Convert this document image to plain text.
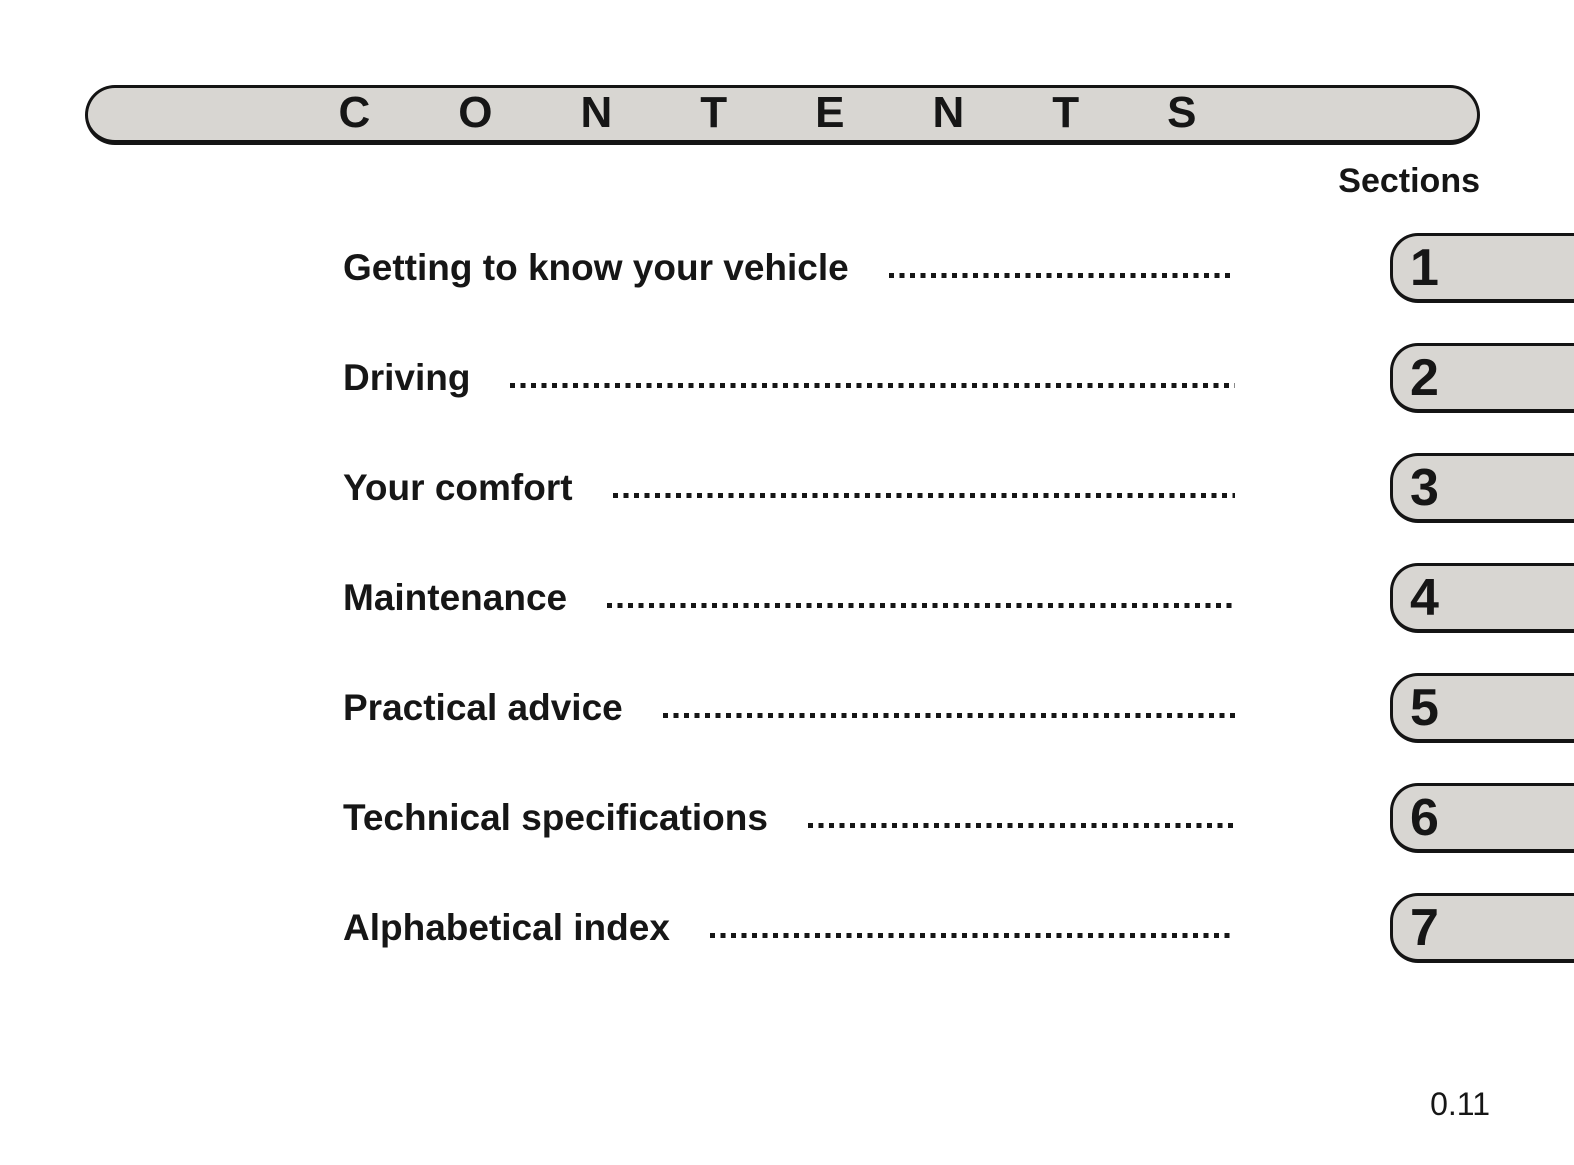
CONTENTS
Sections
Getting to know your vehicle	1
Driving	2
Your comfort	3
Maintenance	4
Practical advice	5
Technical specifications	6
Alphabetical index	7
0.11
